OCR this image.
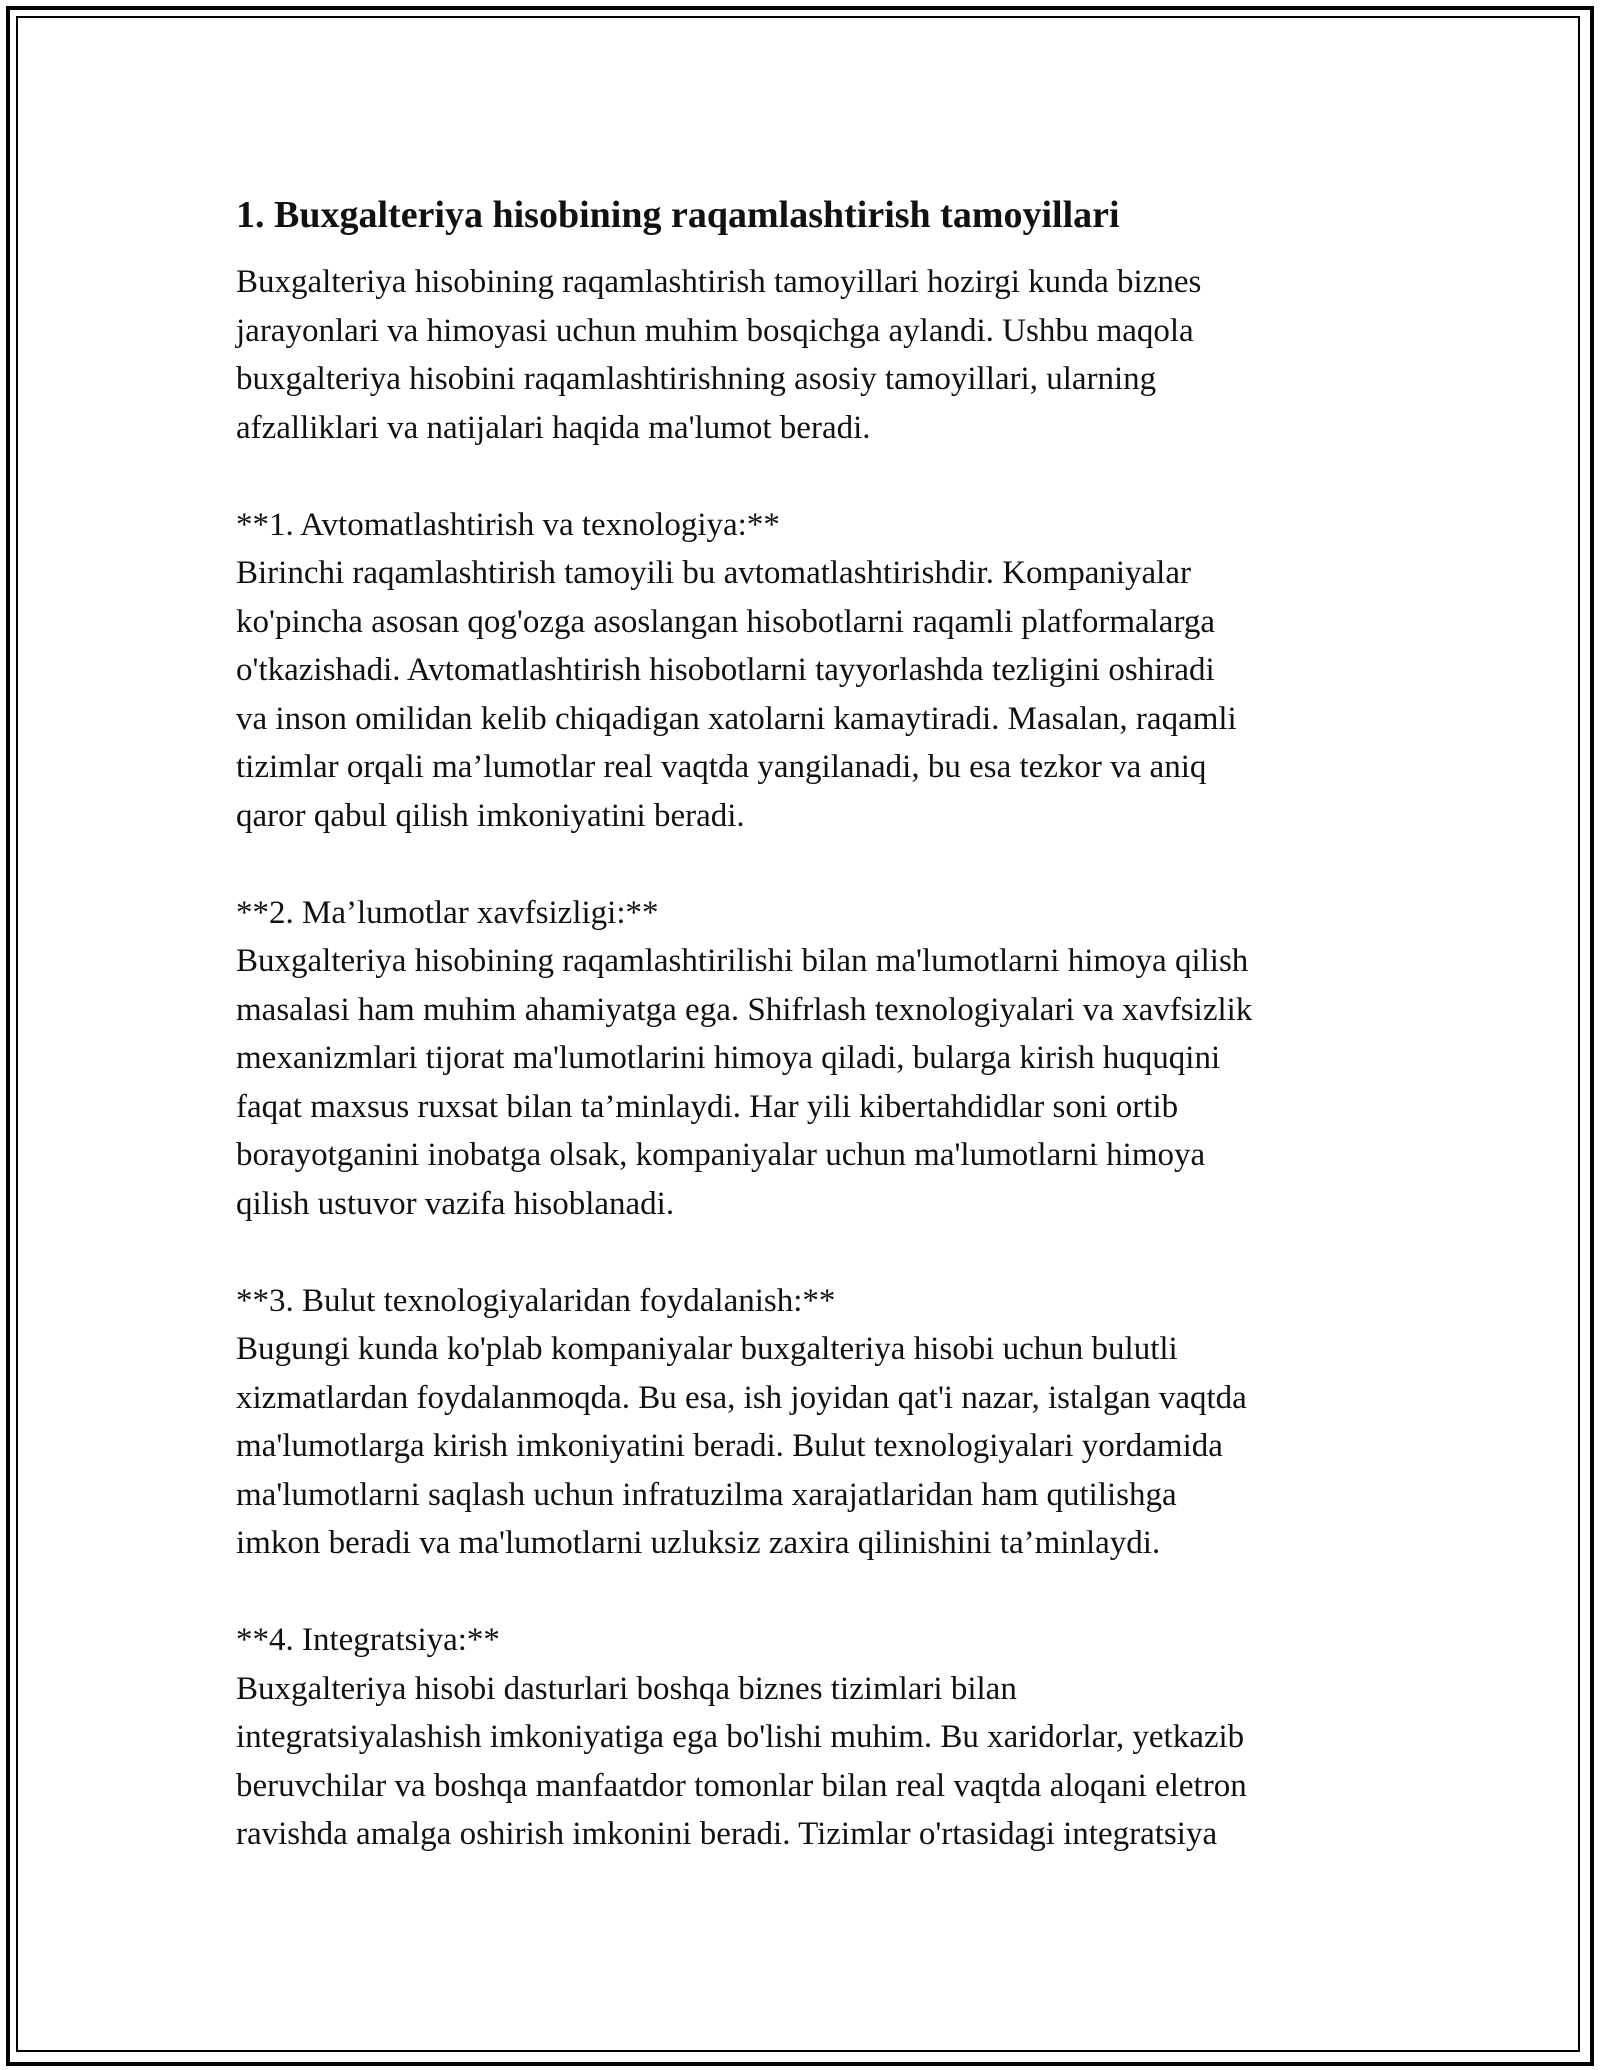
1. Buxgalteriya hisobining raqamlashtirish tamoyillari

Buxgalteriya hisobining raqamlashtirish tamoyillari hozirgi kunda biznes
jarayonlari va himoyasi uchun muhim bosqichga aylandi. Ushbu maqola
buxgalteriya hisobini raqamlashtirishning asosiy tamoyillari, ularning
afzalliklari va natijalari haqida ma'lumot beradi.

**1. Avtomatlashtirish va texnologiya:**

Birinchi raqamlashtirish tamoyili bu avtomatlashtirishdir. Kompaniyalar
ko'pincha asosan qog'ozga asoslangan hisobotlarni raqamli platformalarga
o'tkazishadi. Avtomatlashtirish hisobotlarni tayyorlashda tezligini oshiradi
va inson omilidan kelib chiqadigan xatolarni kamaytiradi. Masalan, raqamli
tizimlar orqali ma’lumotlar real vaqtda yangilanadi, bu esa tezkor va aniq
qaror qabul qilish imkoniyatini beradi.

**2. Ma’lumotlar xavfsizligi:**

Buxgalteriya hisobining raqamlashtirilishi bilan ma'lumotlarni himoya qilish
masalasi ham muhim ahamiyatga ega. Shifrlash texnologiyalari va xavfsizlik
mexanizmlari tijorat ma'lumotlarini himoya qiladi, bularga kirish huquqini
faqat maxsus ruxsat bilan ta’minlaydi. Har yili kibertahdidlar soni ortib
borayotganini inobatga olsak, kompaniyalar uchun ma'lumotlarni himoya
qilish ustuvor vazifa hisoblanadi.

**3. Bulut texnologiyalaridan foydalanish:**

Bugungi kunda ko'plab kompaniyalar buxgalteriya hisobi uchun bulutli
xizmatlardan foydalanmoqda. Bu esa, ish joyidan qat'i nazar, istalgan vaqtda
ma'lumotlarga kirish imkoniyatini beradi. Bulut texnologiyalari yordamida
ma'lumotlarni saqlash uchun infratuzilma xarajatlaridan ham qutilishga
imkon beradi va ma'lumotlarni uzluksiz zaxira qilinishini ta’minlaydi.

**4. Integratsiya:**

Buxgalteriya hisobi dasturlari boshqa biznes tizimlari bilan
integratsiyalashish imkoniyatiga ega bo'lishi muhim. Bu xaridorlar, yetkazib
beruvchilar va boshqa manfaatdor tomonlar bilan real vaqtda aloqani eletron
ravishda amalga oshirish imkonini beradi. Tizimlar o'rtasidagi integratsiya
